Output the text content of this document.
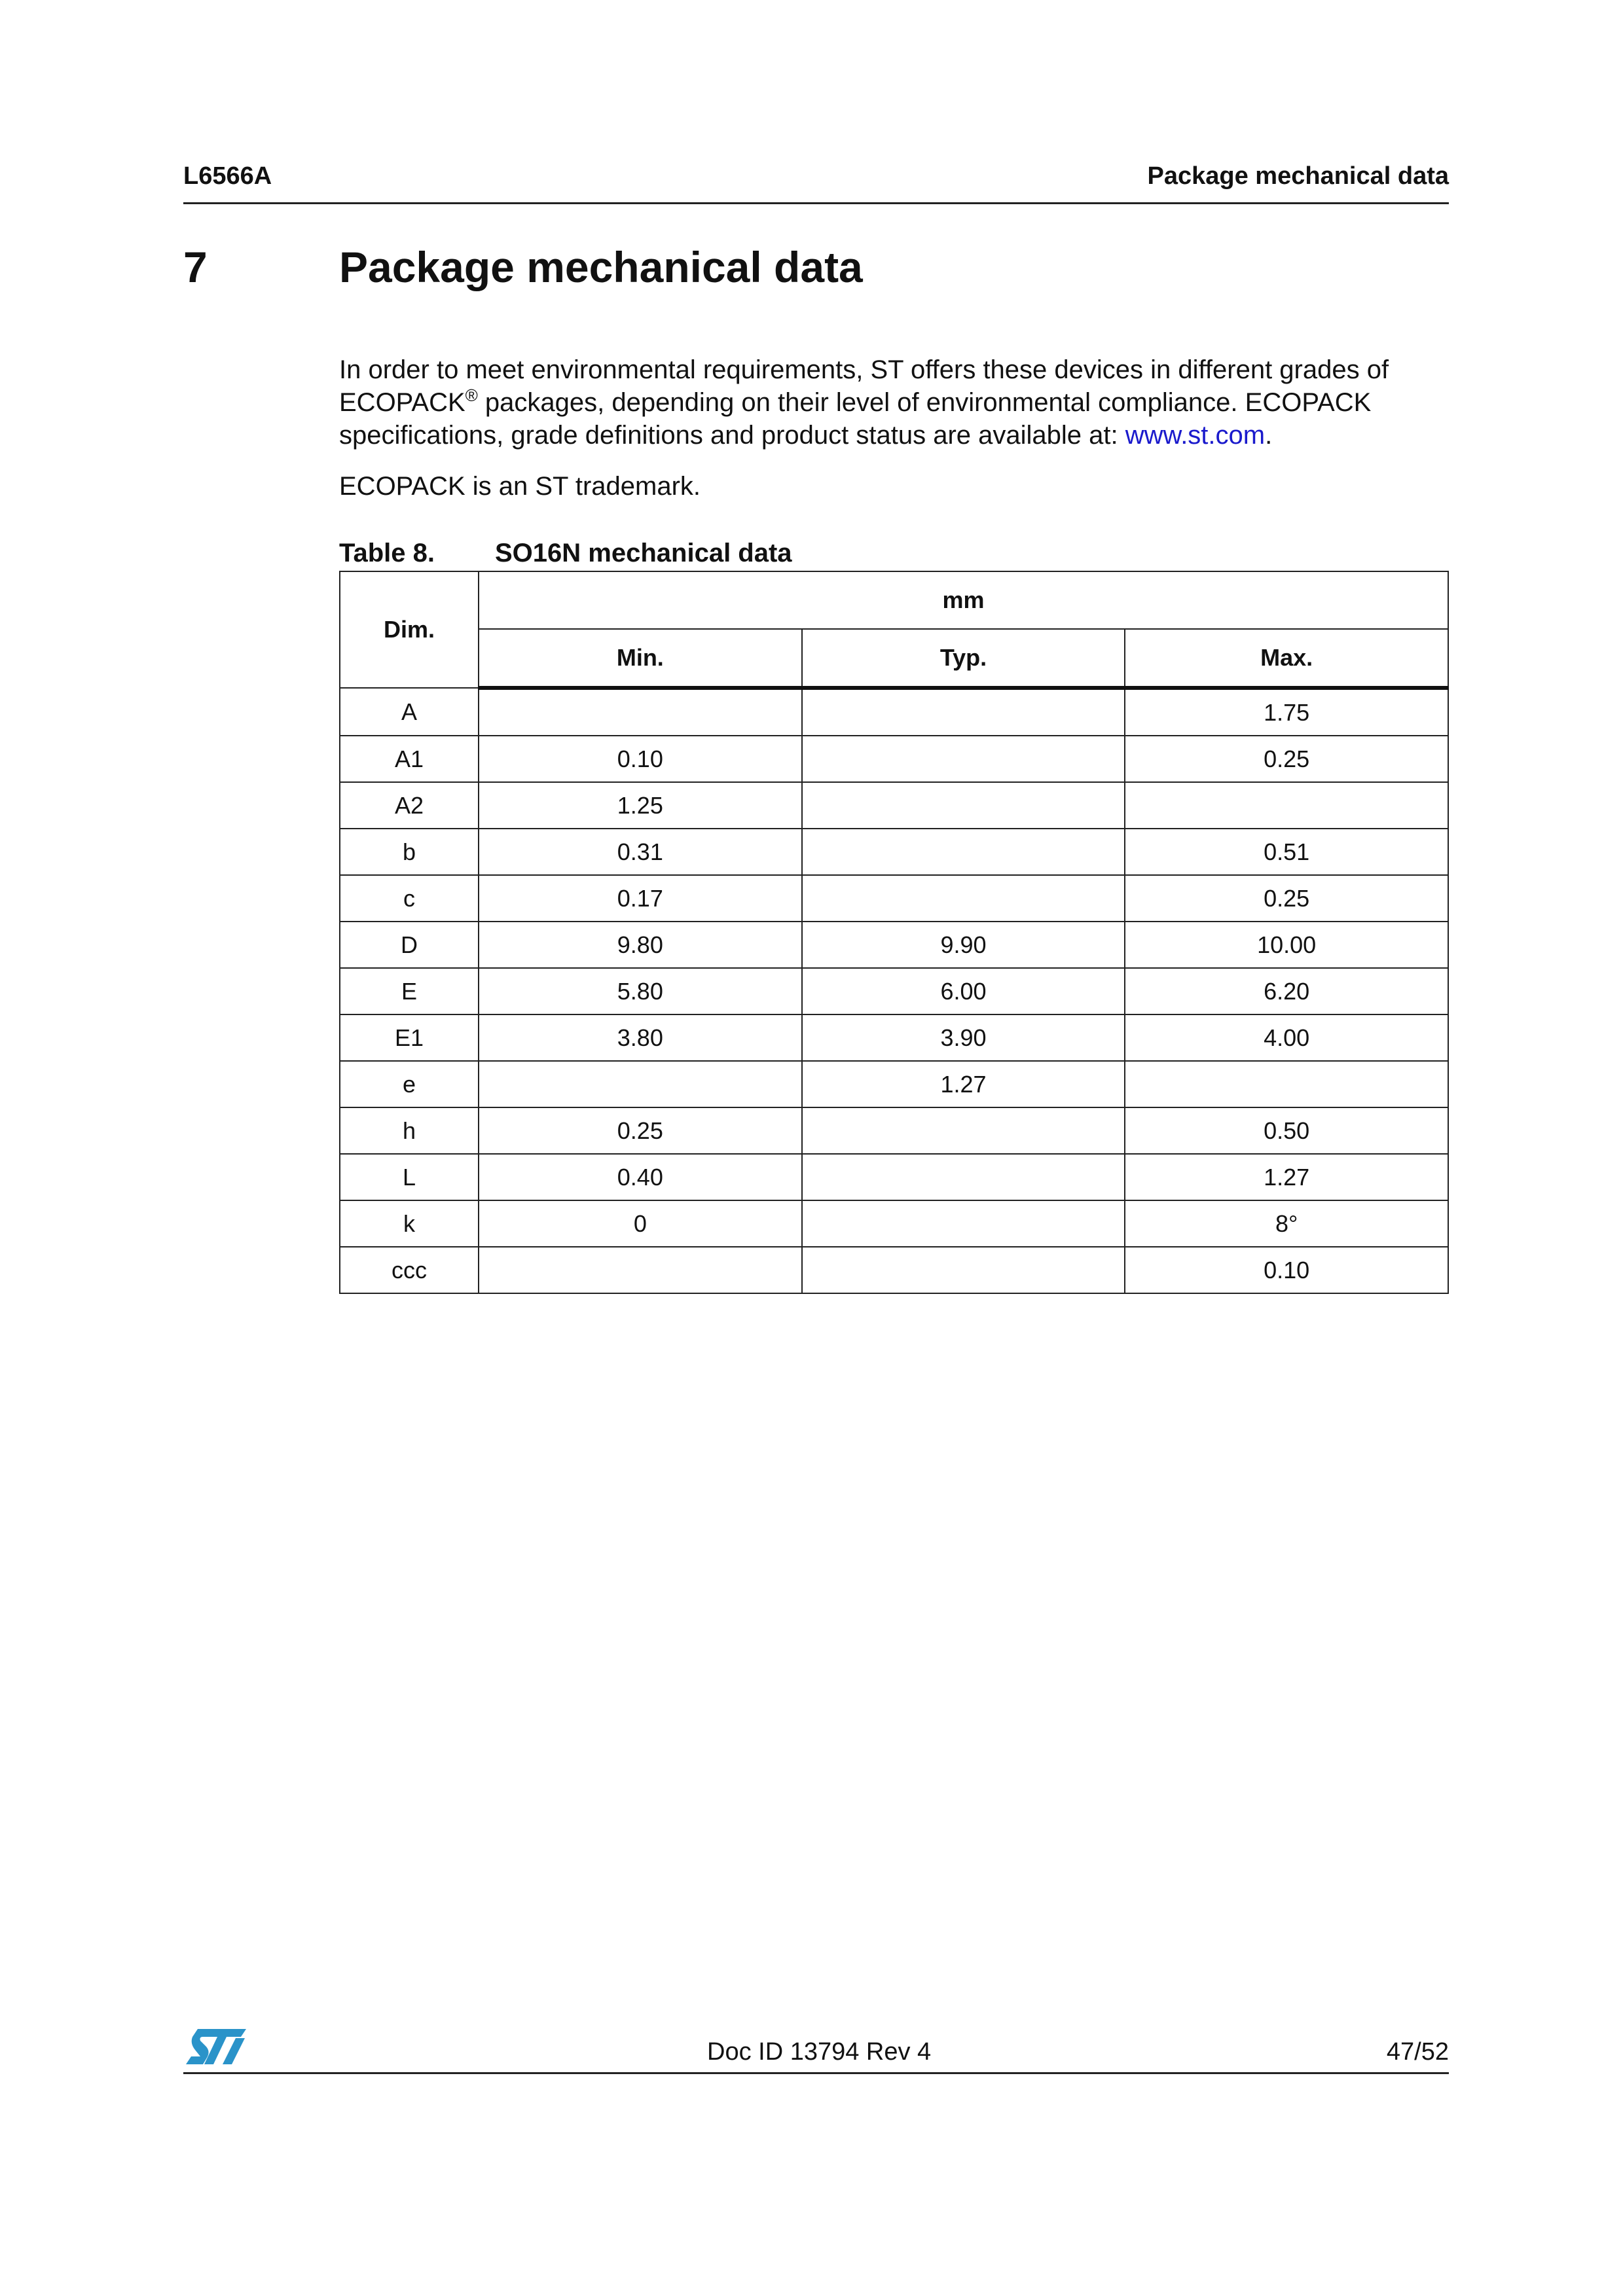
L6566A	Package mechanical data
7	Package mechanical data

In order to meet environmental requirements, ST offers these devices in different grades of ECOPACK® packages, depending on their level of environmental compliance. ECOPACK specifications, grade definitions and product status are available at: www.st.com.

ECOPACK is an ST trademark.

Table 8. SO16N mechanical data
Dim.	mm		
	Min.	Typ.	Max.
A			1.75
A1	0.10		0.25
A2	1.25		
b	0.31		0.51
c	0.17		0.25
D	9.80	9.90	10.00
E	5.80	6.00	6.20
E1	3.80	3.90	4.00
e		1.27	
h	0.25		0.50
L	0.40		1.27
k	0		8°
ccc			0.10
Doc ID 13794 Rev 4	47/52
